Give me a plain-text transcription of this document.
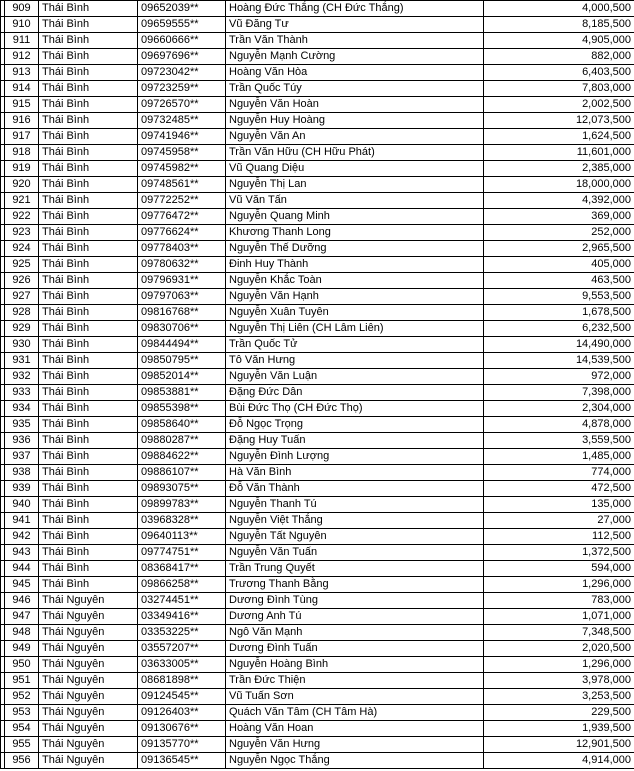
	909	Thái Bình	09652039**	Hoàng Đức Thắng (CH Đức Thắng)	4,000,500
	910	Thái Bình	09659555**	Vũ Đăng Tư	8,185,500
	911	Thái Bình	09660666**	Trần Văn Thành	4,905,000
	912	Thái Bình	09697696**	Nguyễn Mạnh Cường	882,000
	913	Thái Bình	09723042**	Hoàng Văn Hòa	6,403,500
	914	Thái Bình	09723259**	Trần Quốc Túy	7,803,000
	915	Thái Bình	09726570**	Nguyễn Văn Hoàn	2,002,500
	916	Thái Bình	09732485**	Nguyễn Huy Hoàng	12,073,500
	917	Thái Bình	09741946**	Nguyễn Văn An	1,624,500
	918	Thái Bình	09745958**	Trần Văn Hữu (CH Hữu Phát)	11,601,000
	919	Thái Bình	09745982**	Vũ Quang Diệu	2,385,000
	920	Thái Bình	09748561**	Nguyễn Thị Lan	18,000,000
	921	Thái Bình	09772252**	Vũ Văn Tấn	4,392,000
	922	Thái Bình	09776472**	Nguyễn Quang Minh	369,000
	923	Thái Bình	09776624**	Khương Thanh Long	252,000
	924	Thái Bình	09778403**	Nguyễn Thế Dưỡng	2,965,500
	925	Thái Bình	09780632**	Đinh Huy Thành	405,000
	926	Thái Bình	09796931**	Nguyễn Khắc Toàn	463,500
	927	Thái Bình	09797063**	Nguyễn Văn Hạnh	9,553,500
	928	Thái Bình	09816768**	Nguyễn Xuân Tuyên	1,678,500
	929	Thái Bình	09830706**	Nguyễn Thị Liên (CH Lâm Liên)	6,232,500
	930	Thái Bình	09844494**	Trần Quốc Tử	14,490,000
	931	Thái Bình	09850795**	Tô Văn Hưng	14,539,500
	932	Thái Bình	09852014**	Nguyễn Văn Luận	972,000
	933	Thái Bình	09853881**	Đặng Đức Dân	7,398,000
	934	Thái Bình	09855398**	Bùi Đức Thọ (CH Đức Thọ)	2,304,000
	935	Thái Bình	09858640**	Đỗ Ngọc Trọng	4,878,000
	936	Thái Bình	09880287**	Đặng Huy Tuấn	3,559,500
	937	Thái Bình	09884622**	Nguyễn Đình Lượng	1,485,000
	938	Thái Bình	09886107**	Hà Văn Bình	774,000
	939	Thái Bình	09893075**	Đỗ Văn Thành	472,500
	940	Thái Bình	09899783**	Nguyễn Thanh Tú	135,000
	941	Thái Bình	03968328**	Nguyễn Việt Thắng	27,000
	942	Thái Bình	09640113**	Nguyễn Tất Nguyên	112,500
	943	Thái Bình	09774751**	Nguyễn Văn Tuấn	1,372,500
	944	Thái Bình	08368417**	Trần Trung Quyết	594,000
	945	Thái Bình	09866258**	Trương Thanh Bằng	1,296,000
	946	Thái Nguyên	03274451**	Dương Đình Tùng	783,000
	947	Thái Nguyên	03349416**	Dương Anh Tú	1,071,000
	948	Thái Nguyên	03353225**	Ngô Văn Mạnh	7,348,500
	949	Thái Nguyên	03557207**	Dương Đình Tuấn	2,020,500
	950	Thái Nguyên	03633005**	Nguyễn Hoàng Bình	1,296,000
	951	Thái Nguyên	08681898**	Trần Đức Thiện	3,978,000
	952	Thái Nguyên	09124545**	Vũ Tuấn Sơn	3,253,500
	953	Thái Nguyên	09126403**	Quách Văn Tâm (CH Tâm Hà)	229,500
	954	Thái Nguyên	09130676**	Hoàng Văn Hoan	1,939,500
	955	Thái Nguyên	09135770**	Nguyễn Văn Hưng	12,901,500
	956	Thái Nguyên	09136545**	Nguyễn Ngọc Thắng	4,914,000
